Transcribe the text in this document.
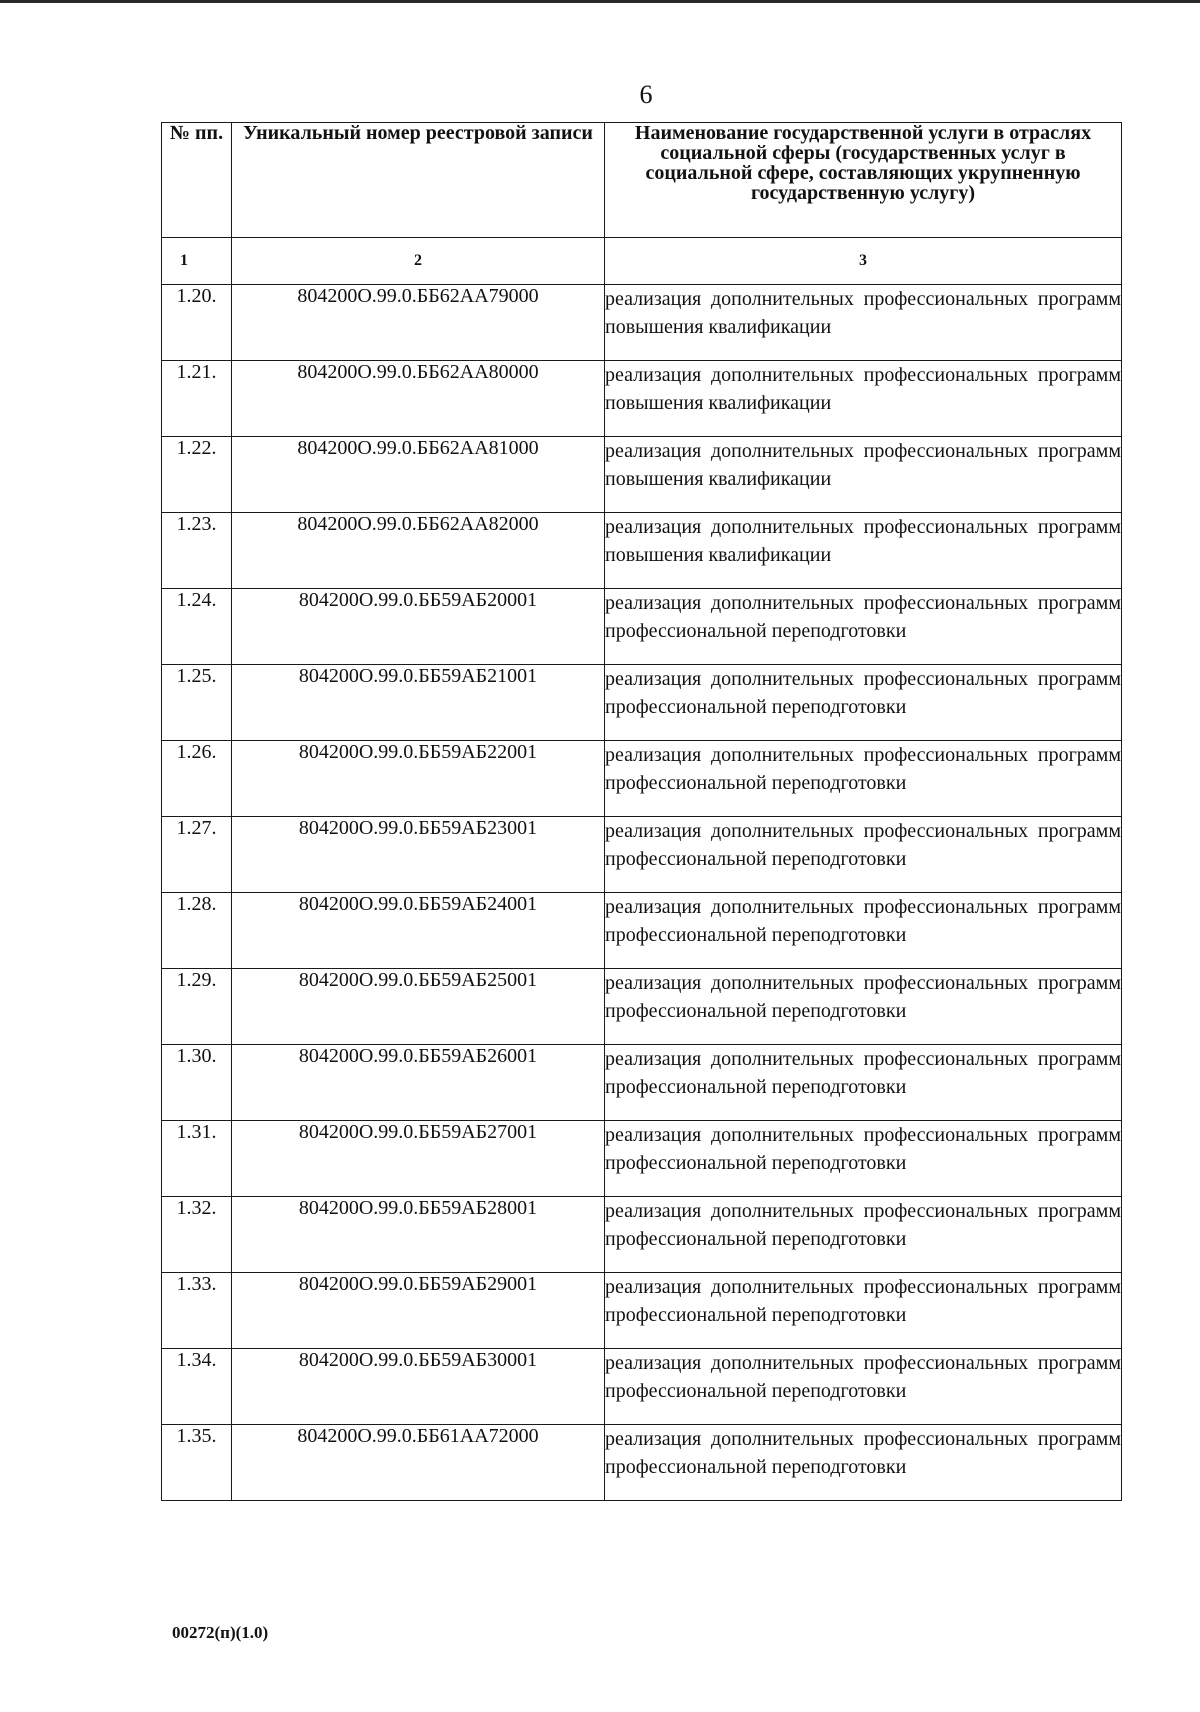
6
№ пп.	Уникальный номер реестровой записи	Наименование государственной услуги в отраслях социальной сферы (государственных услуг в социальной сфере, составляющих укрупненную государственную услугу)
1	2	3
1.20.	804200О.99.0.ББ62АА79000	реализация дополнительных профессиональных программ повышения квалификации
1.21.	804200О.99.0.ББ62АА80000	реализация дополнительных профессиональных программ повышения квалификации
1.22.	804200О.99.0.ББ62АА81000	реализация дополнительных профессиональных программ повышения квалификации
1.23.	804200О.99.0.ББ62АА82000	реализация дополнительных профессиональных программ повышения квалификации
1.24.	804200О.99.0.ББ59АБ20001	реализация дополнительных профессиональных программ профессиональной переподготовки
1.25.	804200О.99.0.ББ59АБ21001	реализация дополнительных профессиональных программ профессиональной переподготовки
1.26.	804200О.99.0.ББ59АБ22001	реализация дополнительных профессиональных программ профессиональной переподготовки
1.27.	804200О.99.0.ББ59АБ23001	реализация дополнительных профессиональных программ профессиональной переподготовки
1.28.	804200О.99.0.ББ59АБ24001	реализация дополнительных профессиональных программ профессиональной переподготовки
1.29.	804200О.99.0.ББ59АБ25001	реализация дополнительных профессиональных программ профессиональной переподготовки
1.30.	804200О.99.0.ББ59АБ26001	реализация дополнительных профессиональных программ профессиональной переподготовки
1.31.	804200О.99.0.ББ59АБ27001	реализация дополнительных профессиональных программ профессиональной переподготовки
1.32.	804200О.99.0.ББ59АБ28001	реализация дополнительных профессиональных программ профессиональной переподготовки
1.33.	804200О.99.0.ББ59АБ29001	реализация дополнительных профессиональных программ профессиональной переподготовки
1.34.	804200О.99.0.ББ59АБ30001	реализация дополнительных профессиональных программ профессиональной переподготовки
1.35.	804200О.99.0.ББ61АА72000	реализация дополнительных профессиональных программ профессиональной переподготовки
00272(п)(1.0)
